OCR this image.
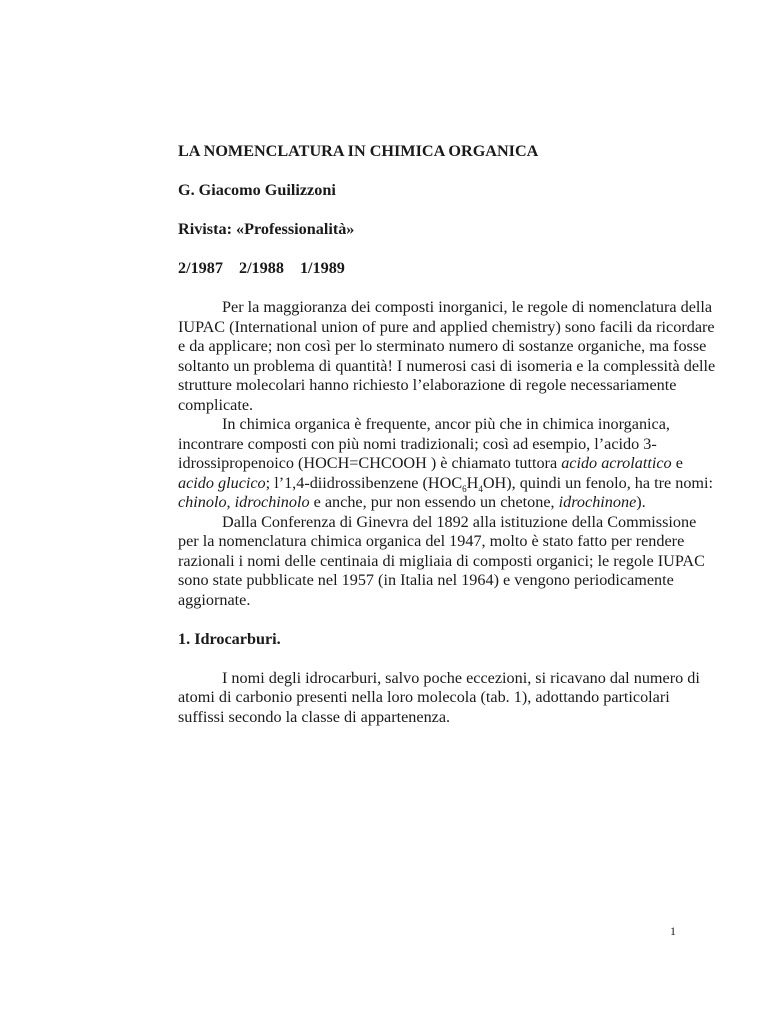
LA NOMENCLATURA IN CHIMICA ORGANICA

G. Giacomo Guilizzoni

Rivista: «Professionalità»

2/1987 2/1988 1/1989

Per la maggioranza dei composti inorganici, le regole di nomenclatura della IUPAC (International union of pure and applied chemistry) sono facili da ricordare e da applicare; non così per lo sterminato numero di sostanze organiche, ma fosse soltanto un problema di quantità! I numerosi casi di isomeria e la complessità delle strutture molecolari hanno richiesto l’elaborazione di regole necessariamente complicate.

In chimica organica è frequente, ancor più che in chimica inorganica, incontrare composti con più nomi tradizionali; così ad esempio, l’acido 3-idrossipropenoico (HOCH=CHCOOH ) è chiamato tuttora acido acrolattico e acido glucico; l’1,4-diidrossibenzene $(HOC_6H_4OH)$, quindi un fenolo, ha tre nomi: chinolo, idrochinolo e anche, pur non essendo un chetone, idrochinone).

Dalla Conferenza di Ginevra del 1892 alla istituzione della Commissione per la nomenclatura chimica organica del 1947, molto è stato fatto per rendere razionali i nomi delle centinaia di migliaia di composti organici; le regole IUPAC sono state pubblicate nel 1957 (in Italia nel 1964) e vengono periodicamente aggiornate.

1. Idrocarburi.

I nomi degli idrocarburi, salvo poche eccezioni, si ricavano dal numero di atomi di carbonio presenti nella loro molecola (tab. 1), adottando particolari suffissi secondo la classe di appartenenza.

1
